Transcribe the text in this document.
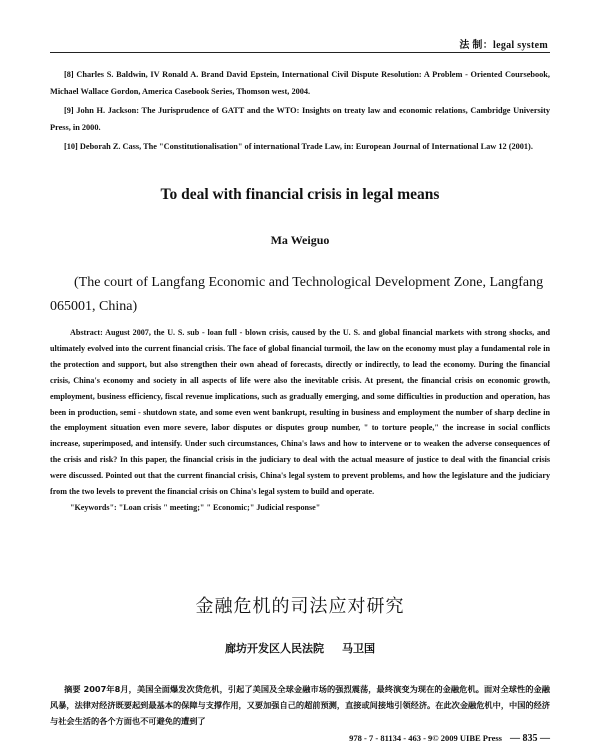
法 制：legal system

[8] Charles S. Baldwin, IV Ronald A. Brand David Epstein, International Civil Dispute Resolution: A Problem - Oriented Coursebook, Michael Wallace Gordon, America Casebook Series, Thomson west, 2004.

[9] John H. Jackson: The Jurisprudence of GATT and the WTO: Insights on treaty law and economic relations, Cambridge University Press, in 2000.

[10] Deborah Z. Cass, The "Constitutionalisation" of international Trade Law, in: European Journal of International Law 12 (2001).

To deal with financial crisis in legal means
Ma Weiguo
(The court of Langfang Economic and Technological Development Zone, Langfang 065001, China)

Abstract: August 2007, the U. S. sub - loan full - blown crisis, caused by the U. S. and global financial markets with strong shocks, and ultimately evolved into the current financial crisis. The face of global financial turmoil, the law on the economy must play a fundamental role in the protection and support, but also strengthen their own ahead of forecasts, directly or indirectly, to lead the economy. During the financial crisis, China's economy and society in all aspects of life were also the inevitable crisis. At present, the financial crisis on economic growth, employment, business efficiency, fiscal revenue implications, such as gradually emerging, and some difficulties in production and operation, has been in production, semi - shutdown state, and some even went bankrupt, resulting in business and employment the number of sharp decline in the employment situation even more severe, labor disputes or disputes group number, " to torture people," the increase in social conflicts increase, superimposed, and intensify. Under such circumstances, China's laws and how to intervene or to weaken the adverse consequences of the crisis and risk? In this paper, the financial crisis in the judiciary to deal with the actual measure of justice to deal with the financial crisis were discussed. Pointed out that the current financial crisis, China's legal system to prevent problems, and how the legislature and the judiciary from the two levels to prevent the financial crisis on China's legal system to build and operate.

"Keywords": "Loan crisis " meeting;" " Economic;" Judicial response"

金融危机的司法应对研究
廊坊开发区人民法院 马卫国

摘要 2007年8月，美国全面爆发次贷危机，引起了美国及全球金融市场的强烈震荡，最终演变为现在的金融危机。面对全球性的金融风暴，法律对经济既要起到最基本的保障与支撑作用，又要加强自己的超前预测，直接或间接地引领经济。在此次金融危机中，中国的经济与社会生活的各个方面也不可避免的遭到了

978 - 7 - 81134 - 463 - 9© 2009 UIBE Press — 835 —
